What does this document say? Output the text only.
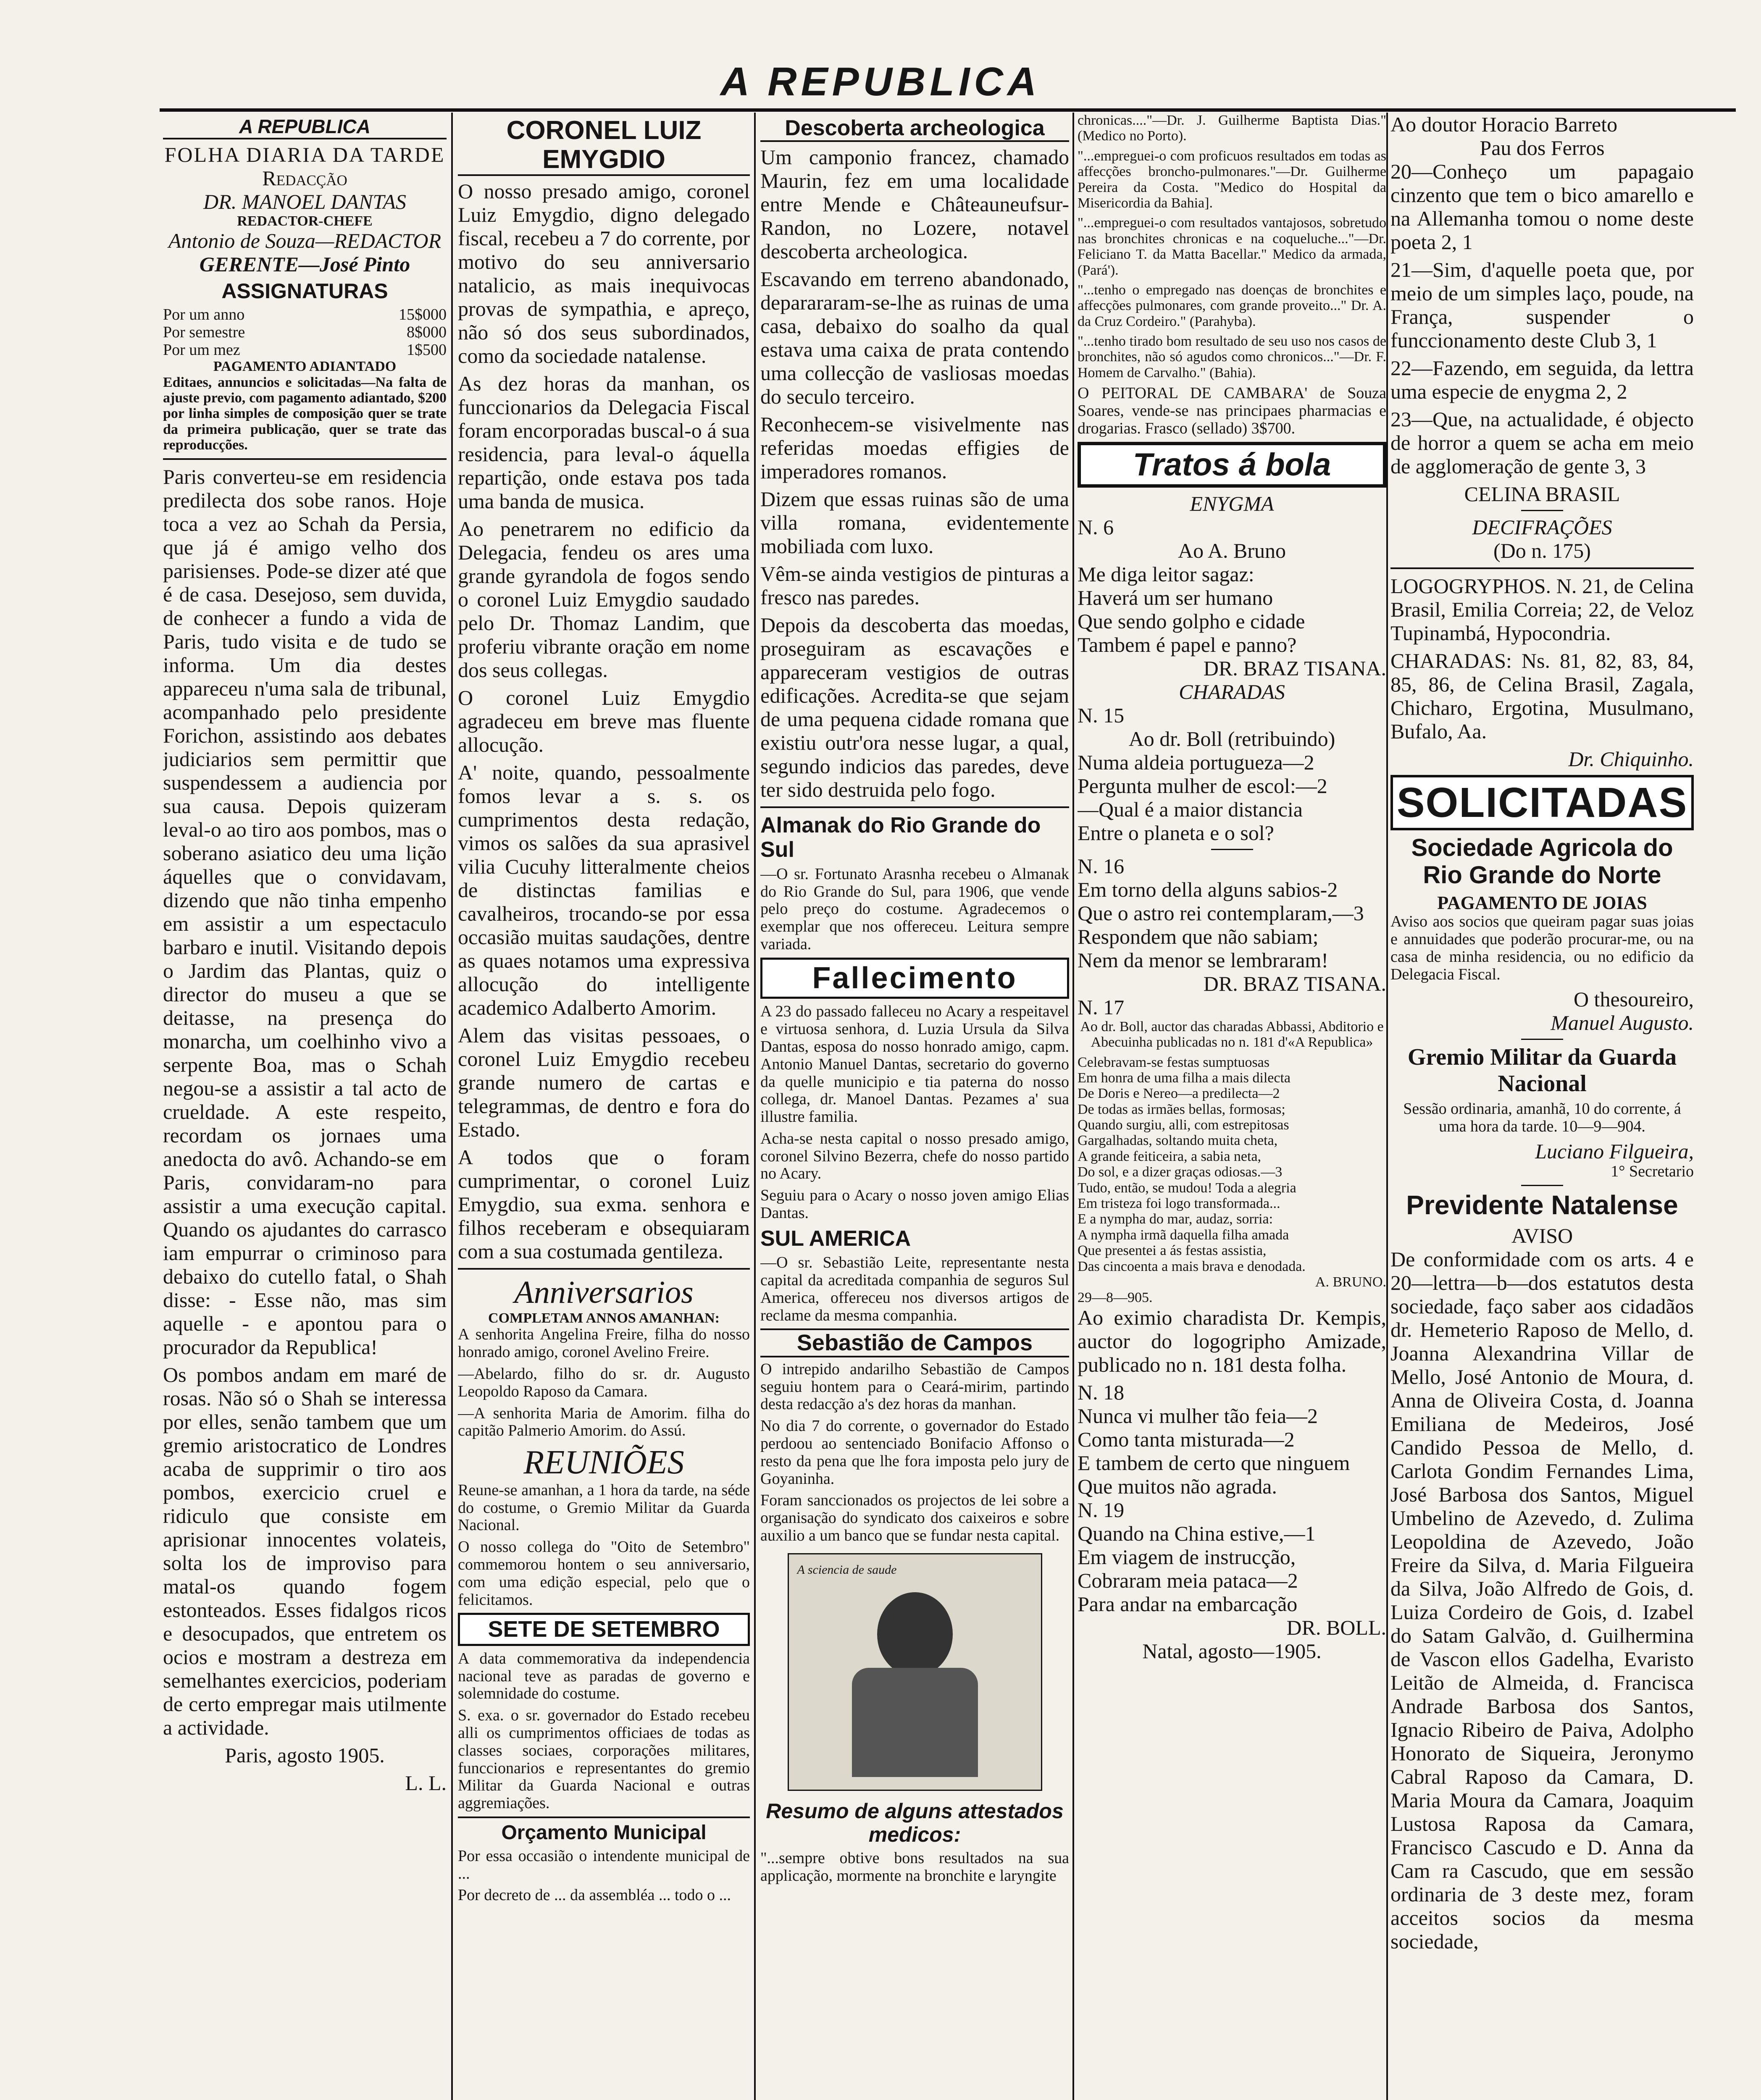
A REPUBLICA
A REPUBLICA
FOLHA DIARIA DA TARDE
Redacção
DR. MANOEL DANTAS
REDACTOR-CHEFE
Antonio de Souza—REDACTOR
GERENTE—José Pinto
ASSIGNATURAS
Por um anno	15$000
Por semestre	8$000
Por um mez	1$500
PAGAMENTO ADIANTADO

Editaes, annuncios e solicitadas—Na falta de ajuste previo, com pagamento adiantado, $200 por linha simples de composição quer se trate da primeira publicação, quer se trate das reproducções.

Paris converteu-se em residencia predilecta dos sobe ranos. Hoje toca a vez ao Schah da Persia, que já é amigo velho dos parisienses. Pode-se dizer até que é de casa. Desejoso, sem duvida, de conhecer a fundo a vida de Paris, tudo visita e de tudo se informa. Um dia destes appareceu n'uma sala de tribunal, acompanhado pelo presidente Forichon, assistindo aos debates judiciarios sem permittir que suspendessem a audiencia por sua causa. Depois quizeram leval-o ao tiro aos pombos, mas o soberano asiatico deu uma lição áquelles que o convidavam, dizendo que não tinha empenho em assistir a um espectaculo barbaro e inutil. Visitando depois o Jardim das Plantas, quiz o director do museu a que se deitasse, na presença do monarcha, um coelhinho vivo a serpente Boa, mas o Schah negou-se a assistir a tal acto de crueldade. A este respeito, recordam os jornaes uma anedocta do avô. Achando-se em Paris, convidaram-no para assistir a uma execução capital. Quando os ajudantes do carrasco iam empurrar o criminoso para debaixo do cutello fatal, o Shah disse: - Esse não, mas sim aquelle - e apontou para o procurador da Republica!

Os pombos andam em maré de rosas. Não só o Shah se interessa por elles, senão tambem que um gremio aristocratico de Londres acaba de supprimir o tiro aos pombos, exercicio cruel e ridiculo que consiste em aprisionar innocentes volateis, solta los de improviso para matal-os quando fogem estonteados. Esses fidalgos ricos e desocupados, que entretem os ocios e mostram a destreza em semelhantes exercicios, poderiam de certo empregar mais utilmente a actividade.

Paris, agosto 1905.

L. L.
CORONEL LUIZ EMYGDIO

O nosso presado amigo, coronel Luiz Emygdio, digno delegado fiscal, recebeu a 7 do corrente, por motivo do seu anniversario natalicio, as mais inequivocas provas de sympathia, e apreço, não só dos seus subordinados, como da sociedade natalense.

As dez horas da manhan, os funccionarios da Delegacia Fiscal foram encorporadas buscal-o á sua residencia, para leval-o áquella repartição, onde estava pos tada uma banda de musica.

Ao penetrarem no edificio da Delegacia, fendeu os ares uma grande gyrandola de fogos sendo o coronel Luiz Emygdio saudado pelo Dr. Thomaz Landim, que proferiu vibrante oração em nome dos seus collegas.

O coronel Luiz Emygdio agradeceu em breve mas fluente allocução.

A' noite, quando, pessoalmente fomos levar a s. s. os cumprimentos desta redação, vimos os salões da sua aprasivel vilia Cucuhy litteralmente cheios de distinctas familias e cavalheiros, trocando-se por essa occasião muitas saudações, dentre as quaes notamos uma expressiva allocução do intelligente academico Adalberto Amorim.

Alem das visitas pessoaes, o coronel Luiz Emygdio recebeu grande numero de cartas e telegrammas, de dentro e fora do Estado.

A todos que o foram cumprimentar, o coronel Luiz Emygdio, sua exma. senhora e filhos receberam e obsequiaram com a sua costumada gentileza.

Anniversarios
COMPLETAM ANNOS AMANHAN:

A senhorita Angelina Freire, filha do nosso honrado amigo, coronel Avelino Freire.

—Abelardo, filho do sr. dr. Augusto Leopoldo Raposo da Camara.

—A senhorita Maria de Amorim. filha do capitão Palmerio Amorim. do Assú.

REUNIÕES

Reune-se amanhan, a 1 hora da tarde, na séde do costume, o Gremio Militar da Guarda Nacional.

O nosso collega do "Oito de Setembro" commemorou hontem o seu anniversario, com uma edição especial, pelo que o felicitamos.

SETE DE SETEMBRO

A data commemorativa da independencia nacional teve as paradas de governo e solemnidade do costume.

S. exa. o sr. governador do Estado recebeu alli os cumprimentos officiaes de todas as classes sociaes, corporações militares, funccionarios e representantes do gremio Militar da Guarda Nacional e outras aggremiações.

Orçamento Municipal

Por essa occasião o intendente municipal de ...

Por decreto de ... da assembléa ... todo o ...

Descoberta archeologica

Um camponio francez, chamado Maurin, fez em uma localidade entre Mende e Châteauneufsur-Randon, no Lozere, notavel descoberta archeologica.

Escavando em terreno abandonado, deparararam-se-lhe as ruinas de uma casa, debaixo do soalho da qual estava uma caixa de prata contendo uma collecção de vasliosas moedas do seculo terceiro.

Reconhecem-se visivelmente nas referidas moedas effigies de imperadores romanos.

Dizem que essas ruinas são de uma villa romana, evidentemente mobiliada com luxo.

Vêm-se ainda vestigios de pinturas a fresco nas paredes.

Depois da descoberta das moedas, proseguiram as escavações e appareceram vestigios de outras edificações. Acredita-se que sejam de uma pequena cidade romana que existiu outr'ora nesse lugar, a qual, segundo indicios das paredes, deve ter sido destruida pelo fogo.

Almanak do Rio Grande do Sul

—O sr. Fortunato Arasnha recebeu o Almanak do Rio Grande do Sul, para 1906, que vende pelo preço do costume. Agradecemos o exemplar que nos offereceu. Leitura sempre variada.

Fallecimento

A 23 do passado falleceu no Acary a respeitavel e virtuosa senhora, d. Luzia Ursula da Silva Dantas, esposa do nosso honrado amigo, capm. Antonio Manuel Dantas, secretario do governo da quelle municipio e tia paterna do nosso collega, dr. Manoel Dantas. Pezames a' sua illustre familia.

Acha-se nesta capital o nosso presado amigo, coronel Silvino Bezerra, chefe do nosso partido no Acary.

Seguiu para o Acary o nosso joven amigo Elias Dantas.

SUL AMERICA

—O sr. Sebastião Leite, representante nesta capital da acreditada companhia de seguros Sul America, offereceu nos diversos artigos de reclame da mesma companhia.

Sebastião de Campos

O intrepido andarilho Sebastião de Campos seguiu hontem para o Ceará-mirim, partindo desta redacção a's dez horas da manhan.

No dia 7 do corrente, o governador do Estado perdoou ao sentenciado Bonifacio Affonso o resto da pena que lhe fora imposta pelo jury de Goyaninha.

Foram sanccionados os projectos de lei sobre a organisação do syndicato dos caixeiros e sobre auxilio a um banco que se fundar nesta capital.

A sciencia de saude
Resumo de alguns attestados medicos:

"...sempre obtive bons resultados na sua applicação, mormente na bronchite e laryngite

chronicas...."—Dr. J. Guilherme Baptista Dias." (Medico no Porto).

"...empreguei-o com proficuos resultados em todas as affecções broncho-pulmonares."—Dr. Guilherme Pereira da Costa. "Medico do Hospital da Misericordia da Bahia].

"...empreguei-o com resultados vantajosos, sobretudo nas bronchites chronicas e na coqueluche..."—Dr. Feliciano T. da Matta Bacellar." Medico da armada, (Pará').

"...tenho o empregado nas doenças de bronchites e affecções pulmonares, com grande proveito..." Dr. A. da Cruz Cordeiro." (Parahyba).

"...tenho tirado bom resultado de seu uso nos casos de bronchites, não só agudos como chronicos..."—Dr. F. Homem de Carvalho." (Bahia).

O PEITORAL DE CAMBARA' de Souza Soares, vende-se nas principaes pharmacias e drogarias. Frasco (sellado) 3$700.

Tratos á bola
ENYGMA
N. 6
Ao A. Bruno
Me diga leitor sagaz:
Haverá um ser humano
Que sendo golpho e cidade
Tambem é papel e panno?
DR. BRAZ TISANA.
CHARADAS
N. 15
Ao dr. Boll (retribuindo)
Numa aldeia portugueza—2
Pergunta mulher de escol:—2
—Qual é a maior distancia
Entre o planeta e o sol?
N. 16
Em torno della alguns sabios-2
Que o astro rei contemplaram,—3
Respondem que não sabiam;
Nem da menor se lembraram!
DR. BRAZ TISANA.
N. 17

Ao dr. Boll, auctor das charadas Abbassi, Abditorio e Abecuinha publicadas no n. 181 d'«A Republica»

Celebravam-se festas sumptuosas
Em honra de uma filha a mais dilecta
De Doris e Nereo—a predilecta—2
De todas as irmães bellas, formosas;
Quando surgiu, alli, com estrepitosas
Gargalhadas, soltando muita cheta,
A grande feiticeira, a sabia neta,
Do sol, e a dizer graças odiosas.—3
Tudo, então, se mudou! Toda a alegria
Em tristeza foi logo transformada...
E a nympha do mar, audaz, sorria:
A nympha irmã daquella filha amada
Que presentei a ás festas assistia,
Das cincoenta a mais brava e denodada.
A. BRUNO.
29—8—905.

Ao eximio charadista Dr. Kempis, auctor do logogripho Amizade, publicado no n. 181 desta folha.

N. 18
Nunca vi mulher tão feia—2
Como tanta misturada—2
E tambem de certo que ninguem
Que muitos não agrada.
N. 19
Quando na China estive,—1
Em viagem de instrucção,
Cobraram meia pataca—2
Para andar na embarcação
DR. BOLL.
Natal, agosto—1905.
Ao doutor Horacio Barreto
Pau dos Ferros

20—Conheço um papagaio cinzento que tem o bico amarello e na Allemanha tomou o nome deste poeta 2, 1

21—Sim, d'aquelle poeta que, por meio de um simples laço, poude, na França, suspender o funccionamento deste Club 3, 1

22—Fazendo, em seguida, da lettra uma especie de enygma 2, 2

23—Que, na actualidade, é objecto de horror a quem se acha em meio de agglomeração de gente 3, 3

CELINA BRASIL
DECIFRAÇÕES
(Do n. 175)

LOGOGRYPHOS. N. 21, de Celina Brasil, Emilia Correia; 22, de Veloz Tupinambá, Hypocondria.

CHARADAS: Ns. 81, 82, 83, 84, 85, 86, de Celina Brasil, Zagala, Chicharo, Ergotina, Musulmano, Bufalo, Aa.

Dr. Chiquinho.
SOLICITADAS
Sociedade Agricola do Rio Grande do Norte
PAGAMENTO DE JOIAS

Aviso aos socios que queiram pagar suas joias e annuidades que poderão procurar-me, ou na casa de minha residencia, ou no edificio da Delegacia Fiscal.

O thesoureiro,
Manuel Augusto.
Gremio Militar da Guarda Nacional

Sessão ordinaria, amanhã, 10 do corrente, á uma hora da tarde. 10—9—904.

Luciano Filgueira,
1° Secretario
Previdente Natalense
AVISO

De conformidade com os arts. 4 e 20—lettra—b—dos estatutos desta sociedade, faço saber aos cidadãos dr. Hemeterio Raposo de Mello, d. Joanna Alexandrina Villar de Mello, José Antonio de Moura, d. Anna de Oliveira Costa, d. Joanna Emiliana de Medeiros, José Candido Pessoa de Mello, d. Carlota Gondim Fernandes Lima, José Barbosa dos Santos, Miguel Umbelino de Azevedo, d. Zulima Leopoldina de Azevedo, João Freire da Silva, d. Maria Filgueira da Silva, João Alfredo de Gois, d. Luiza Cordeiro de Gois, d. Izabel do Satam Galvão, d. Guilhermina de Vascon ellos Gadelha, Evaristo Leitão de Almeida, d. Francisca Andrade Barbosa dos Santos, Ignacio Ribeiro de Paiva, Adolpho Honorato de Siqueira, Jeronymo Cabral Raposo da Camara, D. Maria Moura da Camara, Joaquim Lustosa Raposa da Camara, Francisco Cascudo e D. Anna da Cam ra Cascudo, que em sessão ordinaria de 3 deste mez, foram acceitos socios da mesma sociedade,
